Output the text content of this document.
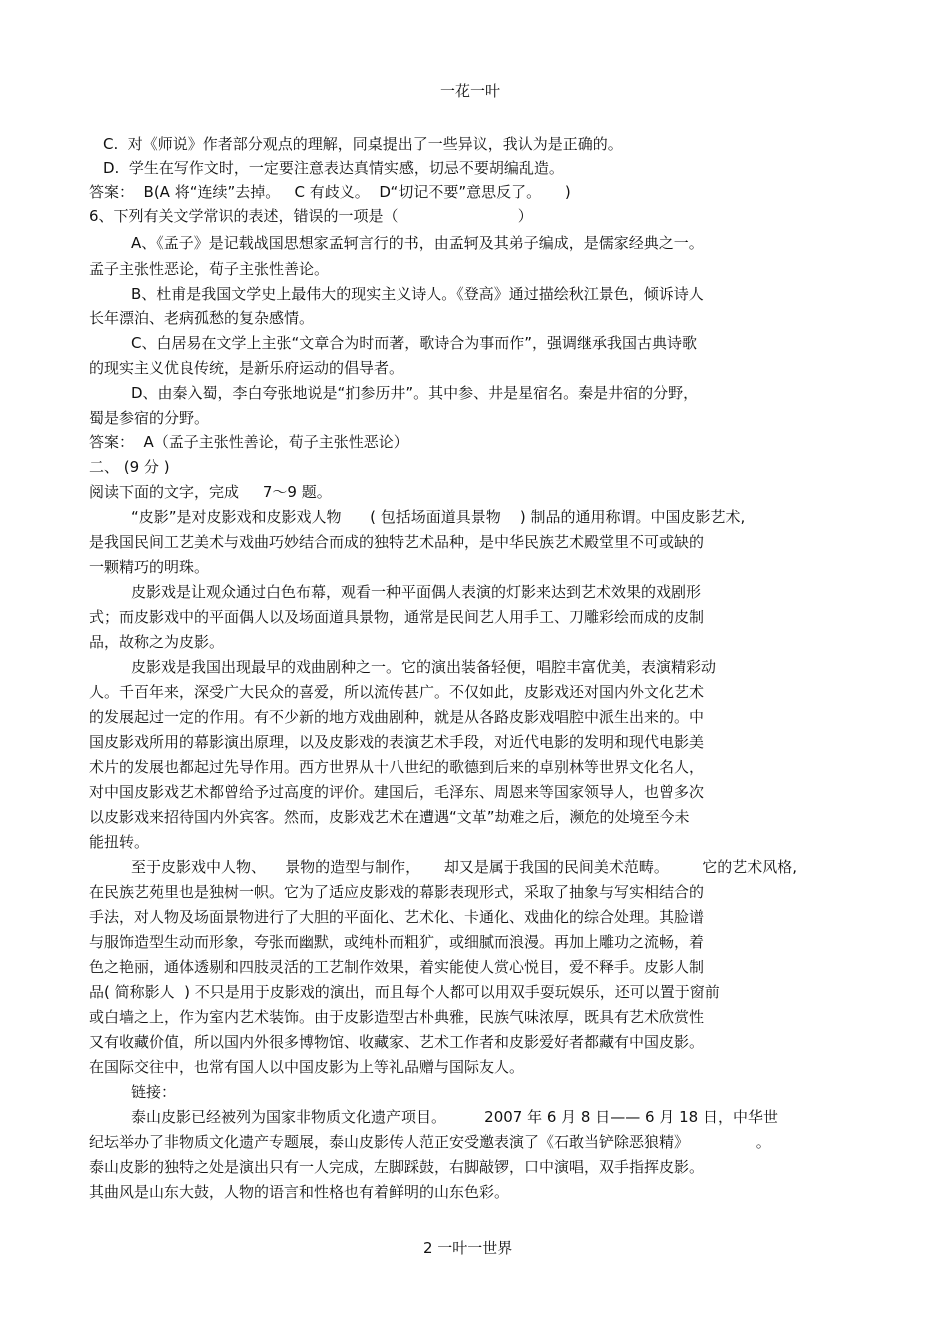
一花一叶
C.  对《师说》作者部分观点的理解，同桌提出了一些异议，我认为是正确的。
D.  学生在写作文时，一定要注意表达真情实感，切忌不要胡编乱造。
答案：  B(A 将“连续”去掉。   C 有歧义。  D“切记不要”意思反了。     )
6、下列有关文学常识的表述，错误的一项是（                         ）
A、《孟子》是记载战国思想家孟轲言行的书，由孟轲及其弟子编成，是儒家经典之一。
孟子主张性恶论，荀子主张性善论。
B、杜甫是我国文学史上最伟大的现实主义诗人。《登高》通过描绘秋江景色，倾诉诗人
长年漂泊、老病孤愁的复杂感情。
C、白居易在文学上主张“文章合为时而著，歌诗合为事而作”，强调继承我国古典诗歌
的现实主义优良传统，是新乐府运动的倡导者。
D、由秦入蜀，李白夸张地说是“扪参历井”。其中参、井是星宿名。秦是井宿的分野，
蜀是参宿的分野。
答案：  A（孟子主张性善论，荀子主张性恶论）
二、 (9 分 )
阅读下面的文字，完成     7～9 题。
“皮影”是对皮影戏和皮影戏人物      ( 包括场面道具景物    ) 制品的通用称谓。中国皮影艺术,
是我国民间工艺美术与戏曲巧妙结合而成的独特艺术品种，是中华民族艺术殿堂里不可或缺的
一颗精巧的明珠。
皮影戏是让观众通过白色布幕，观看一种平面偶人表演的灯影来达到艺术效果的戏剧形
式；而皮影戏中的平面偶人以及场面道具景物，通常是民间艺人用手工、刀雕彩绘而成的皮制
品，故称之为皮影。
皮影戏是我国出现最早的戏曲剧种之一。它的演出装备轻便，唱腔丰富优美，表演精彩动
人。千百年来，深受广大民众的喜爱，所以流传甚广。不仅如此，皮影戏还对国内外文化艺术
的发展起过一定的作用。有不少新的地方戏曲剧种，就是从各路皮影戏唱腔中派生出来的。中
国皮影戏所用的幕影演出原理，以及皮影戏的表演艺术手段，对近代电影的发明和现代电影美
术片的发展也都起过先导作用。西方世界从十八世纪的歌德到后来的卓别林等世界文化名人，
对中国皮影戏艺术都曾给予过高度的评价。建国后，毛泽东、周恩来等国家领导人，也曾多次
以皮影戏来招待国内外宾客。然而，皮影戏艺术在遭遇“文革”劫难之后，濒危的处境至今未
能扭转。
至于皮影戏中人物、    景物的造型与制作，     却又是属于我国的民间美术范畴。       它的艺术风格,
在民族艺苑里也是独树一帜。它为了适应皮影戏的幕影表现形式，采取了抽象与写实相结合的
手法，对人物及场面景物进行了大胆的平面化、艺术化、卡通化、戏曲化的综合处理。其脸谱
与服饰造型生动而形象，夸张而幽默，或纯朴而粗犷，或细腻而浪漫。再加上雕功之流畅，着
色之艳丽，通体透剔和四肢灵活的工艺制作效果，着实能使人赏心悦目，爱不释手。皮影人制
品( 简称影人  ) 不只是用于皮影戏的演出，而且每个人都可以用双手耍玩娱乐，还可以置于窗前
或白墙之上，作为室内艺术装饰。由于皮影造型古朴典雅，民族气味浓厚，既具有艺术欣赏性
又有收藏价值，所以国内外很多博物馆、收藏家、艺术工作者和皮影爱好者都藏有中国皮影。
在国际交往中，也常有国人以中国皮影为上等礼品赠与国际友人。
链接：
泰山皮影已经被列为国家非物质文化遗产项目。        2007 年 6 月 8 日—— 6 月 18 日，中华世
纪坛举办了非物质文化遗产专题展，泰山皮影传人范正安受邀表演了《石敢当铲除恶狼精》              。
泰山皮影的独特之处是演出只有一人完成，左脚踩鼓，右脚敲锣，口中演唱，双手指挥皮影。
其曲风是山东大鼓，人物的语言和性格也有着鲜明的山东色彩。
2 一叶一世界
